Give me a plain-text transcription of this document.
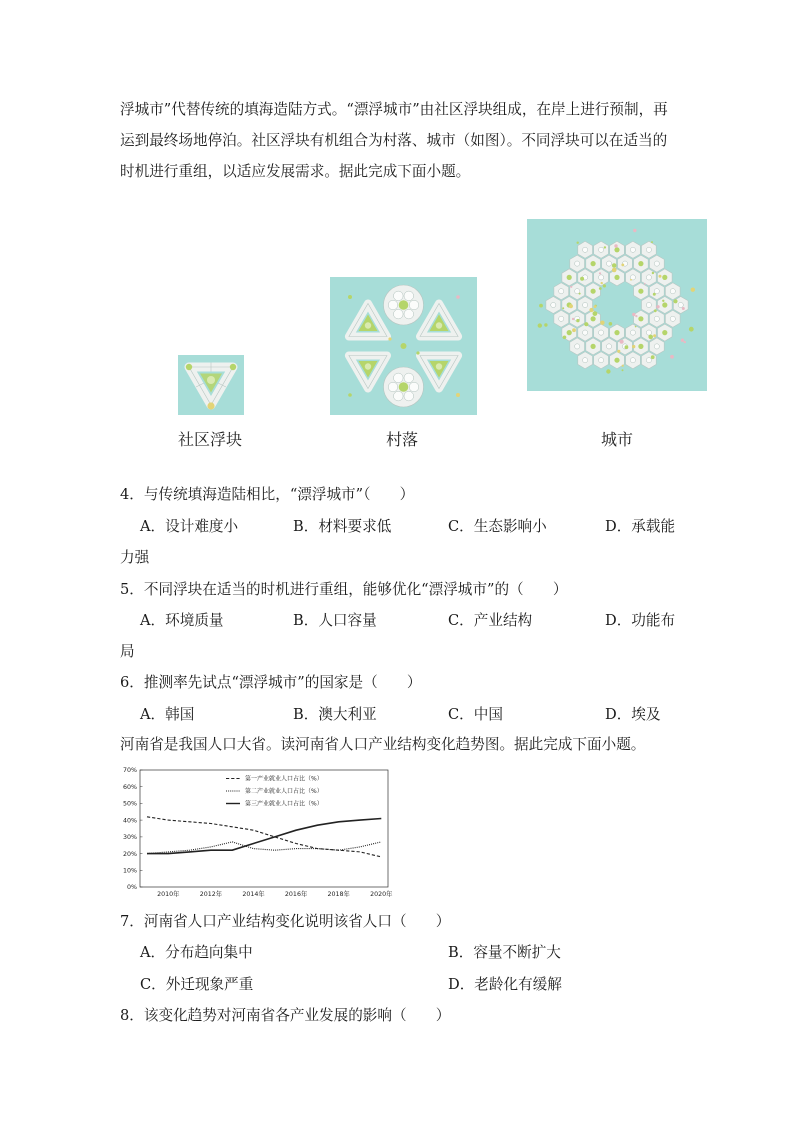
浮城市”代替传统的填海造陆方式。“漂浮城市”由社区浮块组成，在岸上进行预制，再
运到最终场地停泊。社区浮块有机组合为村落、城市（如图）。不同浮块可以在适当的
时机进行重组，以适应发展需求。据此完成下面小题。
社区浮块	村落	城市
4．与传统填海造陆相比，“漂浮城市”（　　）
A．设计难度小	B．材料要求低	C．生态影响小	D．承载能
力强
5．不同浮块在适当的时机进行重组，能够优化“漂浮城市”的（　　）
A．环境质量	B．人口容量	C．产业结构	D．功能布
局
6．推测率先试点“漂浮城市”的国家是（　　）
A．韩国	B．澳大利亚	C．中国	D．埃及
河南省是我国人口大省。读河南省人口产业结构变化趋势图。据此完成下面小题。
0%
10%
20%
30%
40%
50%
60%
70%
2010年	2012年	2014年	2016年	2018年	2020年
第一产业就业人口占比（%）
第二产业就业人口占比（%）
第三产业就业人口占比（%）
7．河南省人口产业结构变化说明该省人口（　　）
A．分布趋向集中	B．容量不断扩大
C．外迁现象严重	D．老龄化有缓解
8．该变化趋势对河南省各产业发展的影响（　　）
